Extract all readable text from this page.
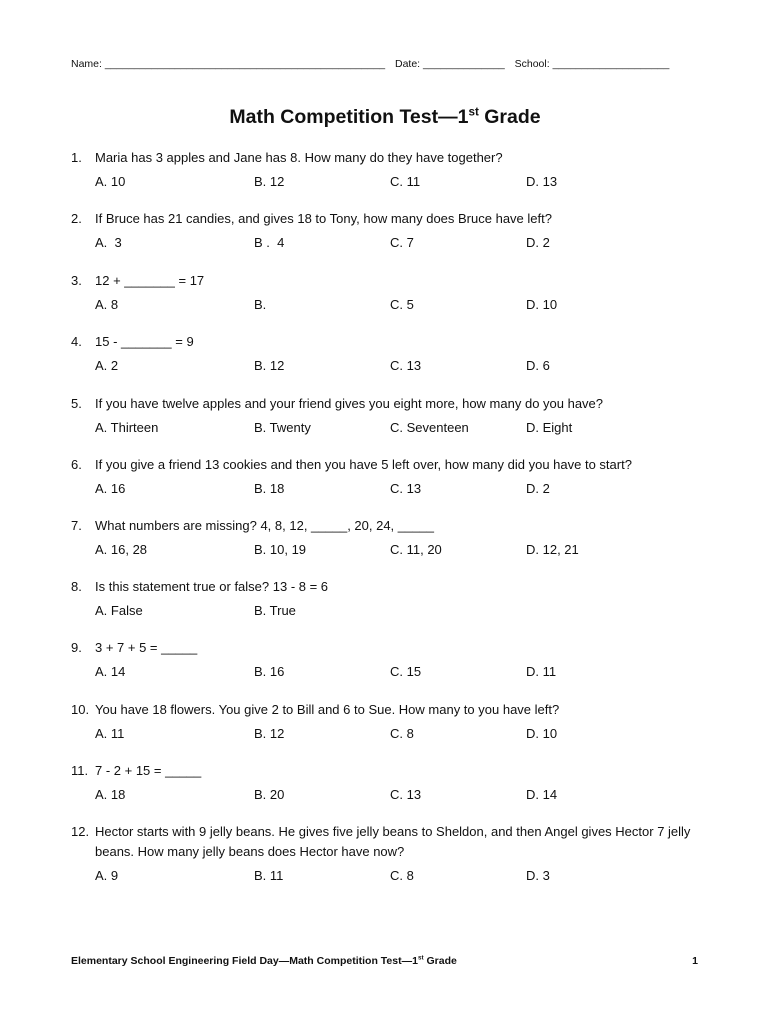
Name: ________________________________________________ Date: ______________ School: ____________________
Math Competition Test—1st Grade
1. Maria has 3 apples and Jane has 8. How many do they have together?
A. 10	B. 12	C. 11	D. 13
2. If Bruce has 21 candies, and gives 18 to Tony, how many does Bruce have left?
A.  3	B .  4	C. 7	D. 2
3. 12 + _______ = 17
A. 8	B.	C. 5	D. 10
4. 15 - _______ = 9
A. 2	B. 12	C. 13	D. 6
5. If you have twelve apples and your friend gives you eight more, how many do you have?
A. Thirteen	B. Twenty	C. Seventeen	D. Eight
6. If you give a friend 13 cookies and then you have 5 left over, how many did you have to start?
A. 16	B. 18	C. 13	D. 2
7. What numbers are missing? 4, 8, 12, _____, 20, 24, _____
A. 16, 28	B. 10, 19	C. 11, 20	D. 12, 21
8. Is this statement true or false? 13 - 8 = 6
A. False	B. True
9. 3 + 7 + 5 = _____
A. 14	B. 16	C. 15	D. 11
10. You have 18 flowers. You give 2 to Bill and 6 to Sue. How many to you have left?
A. 11	B. 12	C. 8	D. 10
11. 7 - 2 + 15 = _____
A. 18	B. 20	C. 13	D. 14
12. Hector starts with 9 jelly beans. He gives five jelly beans to Sheldon, and then Angel gives Hector 7 jelly beans. How many jelly beans does Hector have now?
A. 9	B. 11	C. 8	D. 3
Elementary School Engineering Field Day—Math Competition Test—1st Grade	1
